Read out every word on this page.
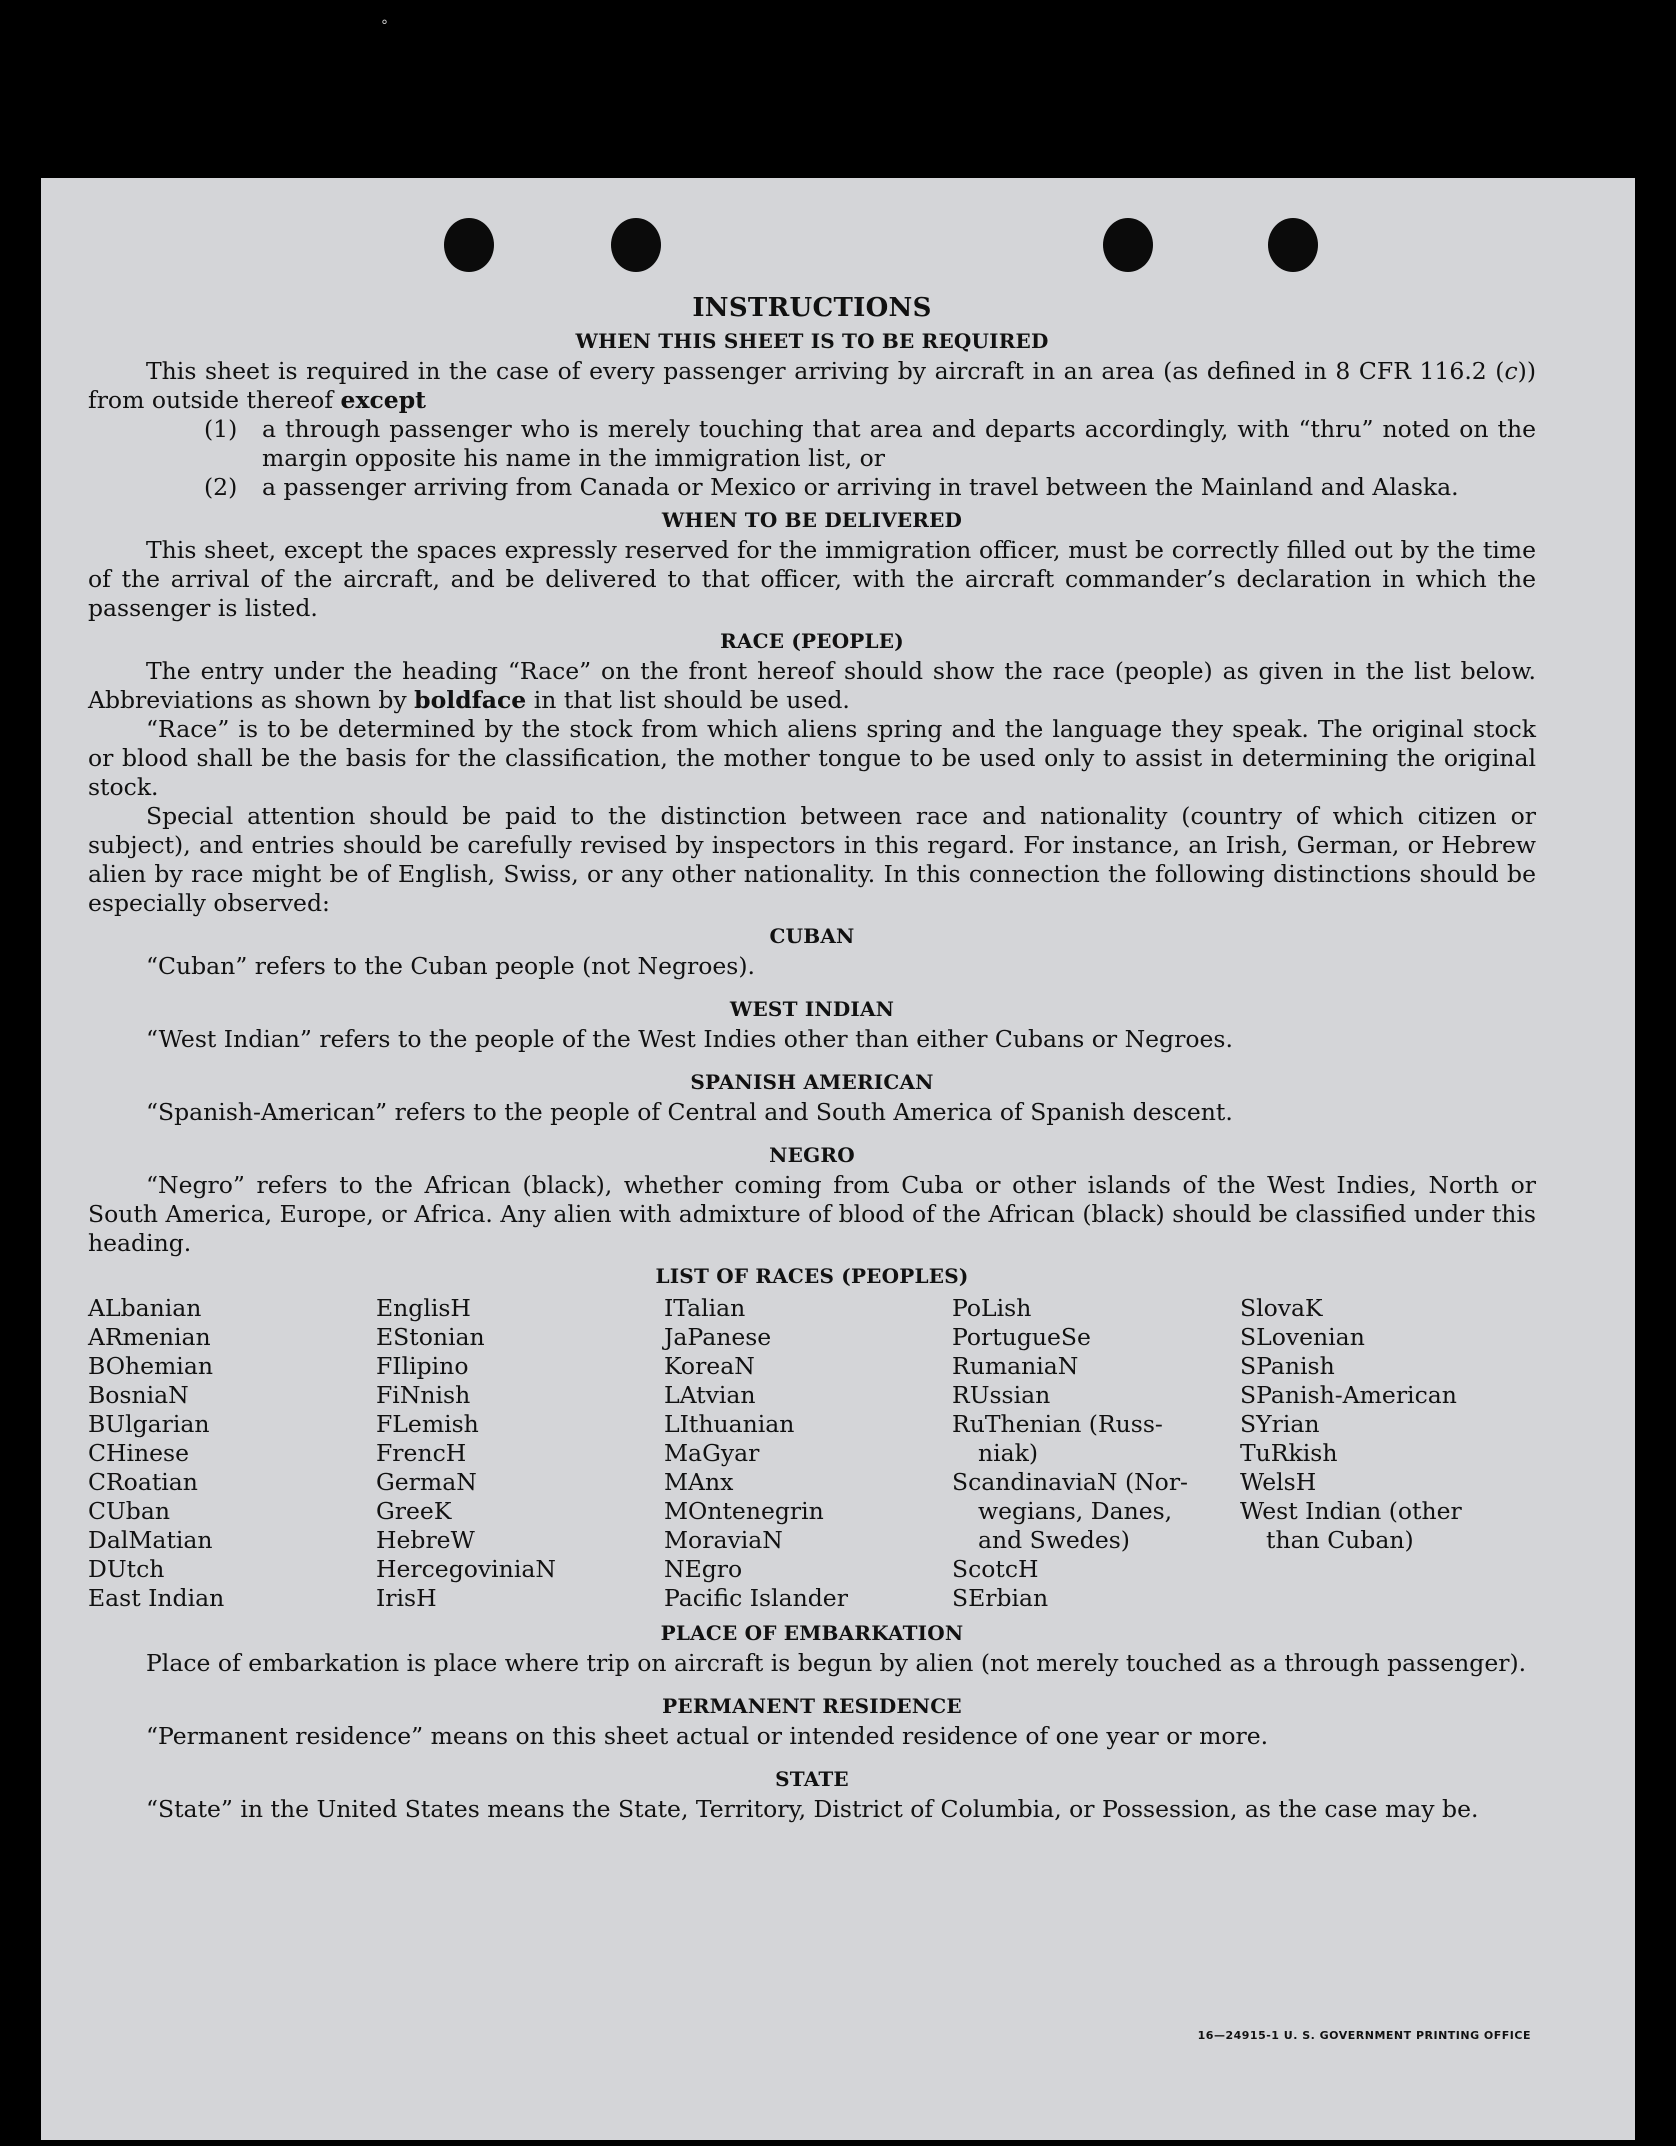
°
INSTRUCTIONS
WHEN THIS SHEET IS TO BE REQUIRED

This sheet is required in the case of every passenger arriving by aircraft in an area (as defined in 8 CFR 116.2 (c)) from outside thereof except

(1)	a through passenger who is merely touching that area and departs accordingly, with “thru” noted on the margin opposite his name in the immigration list, or
(2)	a passenger arriving from Canada or Mexico or arriving in travel between the Mainland and Alaska.
WHEN TO BE DELIVERED

This sheet, except the spaces expressly reserved for the immigration officer, must be correctly filled out by the time of the arrival of the aircraft, and be delivered to that officer, with the aircraft commander’s declaration in which the passenger is listed.

RACE (PEOPLE)

The entry under the heading “Race” on the front hereof should show the race (people) as given in the list below. Abbreviations as shown by boldface in that list should be used.

“Race” is to be determined by the stock from which aliens spring and the language they speak. The original stock or blood shall be the basis for the classification, the mother tongue to be used only to assist in determining the original stock.

Special attention should be paid to the distinction between race and nationality (country of which citizen or subject), and entries should be carefully revised by inspectors in this regard. For instance, an Irish, German, or Hebrew alien by race might be of English, Swiss, or any other nationality. In this connection the following distinctions should be especially observed:

CUBAN

“Cuban” refers to the Cuban people (not Negroes).

WEST INDIAN

“West Indian” refers to the people of the West Indies other than either Cubans or Negroes.

SPANISH AMERICAN

“Spanish-American” refers to the people of Central and South America of Spanish descent.

NEGRO

“Negro” refers to the African (black), whether coming from Cuba or other islands of the West Indies, North or South America, Europe, or Africa. Any alien with admixture of blood of the African (black) should be classified under this heading.

LIST OF RACES (PEOPLES)
ALbanian
ARmenian
BOhemian
BosniaN
BUlgarian
CHinese
CRoatian
CUban
DalMatian
DUtch
East Indian
EnglisH
EStonian
FIlipino
FiNnish
FLemish
FrencH
GermaN
GreeK
HebreW
HercegoviniaN
IrisH
ITalian
JaPanese
KoreaN
LAtvian
LIthuanian
MaGyar
MAnx
MOntenegrin
MoraviaN
NEgro
Pacific Islander
PoLish
PortugueSe
RumaniaN
RUssian
RuThenian (Russ-
niak)
ScandinaviaN (Nor-
wegians, Danes,
and Swedes)
ScotcH
SErbian
SlovaK
SLovenian
SPanish
SPanish-American
SYrian
TuRkish
WelsH
West Indian (other
than Cuban)
PLACE OF EMBARKATION

Place of embarkation is place where trip on aircraft is begun by alien (not merely touched as a through passenger).

PERMANENT RESIDENCE

“Permanent residence” means on this sheet actual or intended residence of one year or more.

STATE

“State” in the United States means the State, Territory, District of Columbia, or Possession, as the case may be.

16—24915-1 U. S. GOVERNMENT PRINTING OFFICE
